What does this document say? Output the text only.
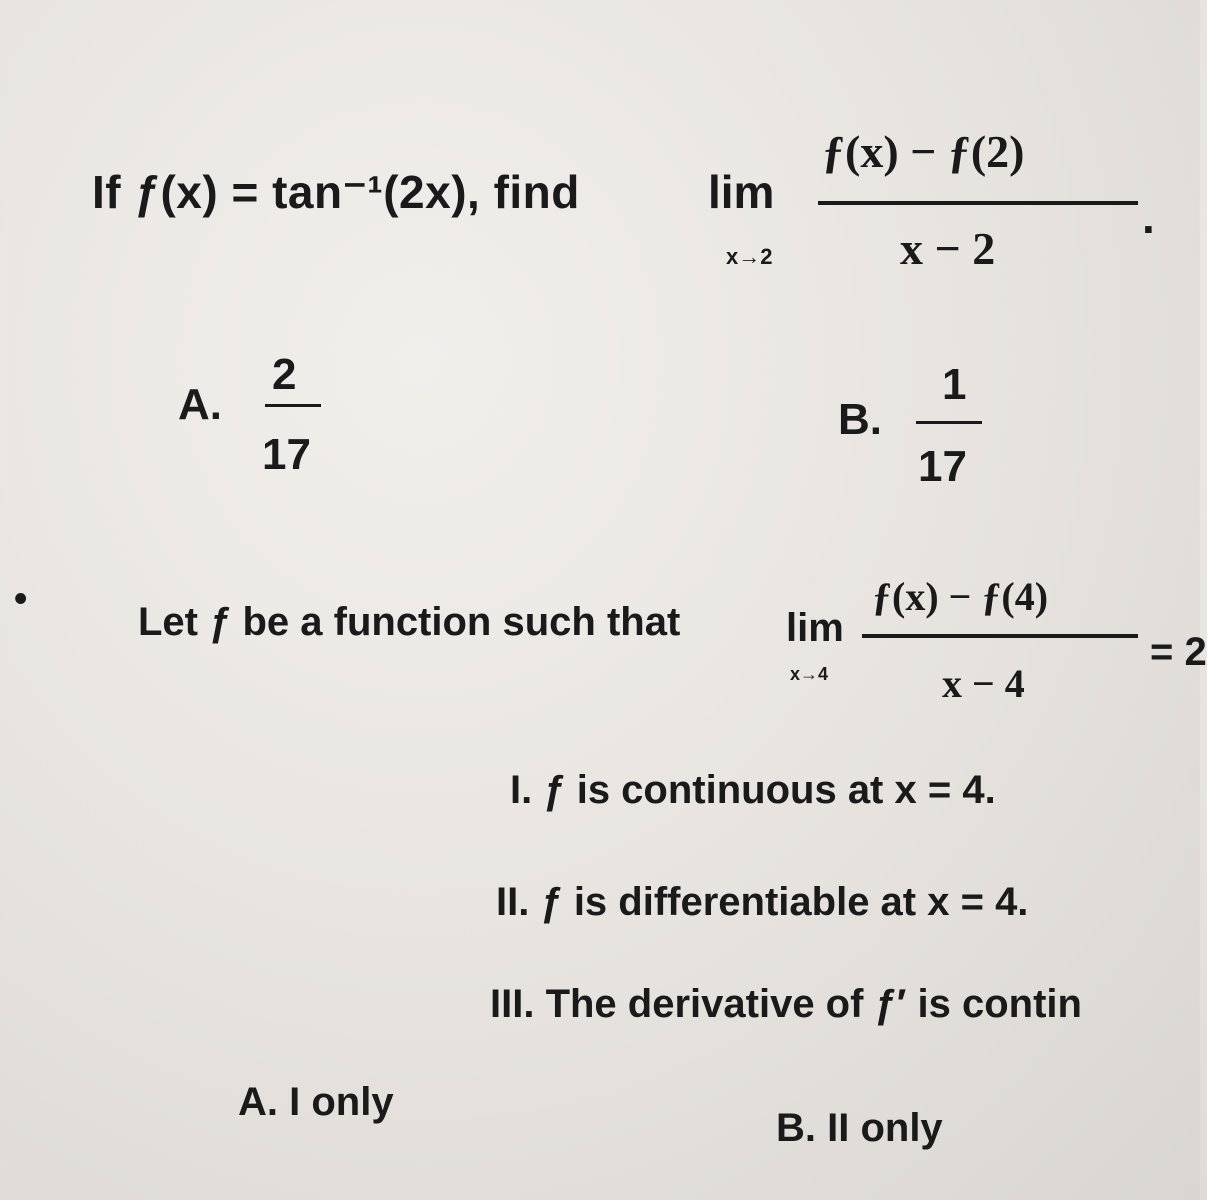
If ƒ(x) = tan⁻¹(2x), find	lim
x→2
ƒ(x) − ƒ(2)
x − 2
.
A.
2
17
B.
1
17
•
Let ƒ be a function such that	lim
x→4
ƒ(x) − ƒ(4)
x − 4
= 2
I. ƒ is continuous at x = 4.
II. ƒ is differentiable at x = 4.
III. The derivative of ƒ′ is contin
A. I only
B. II only
